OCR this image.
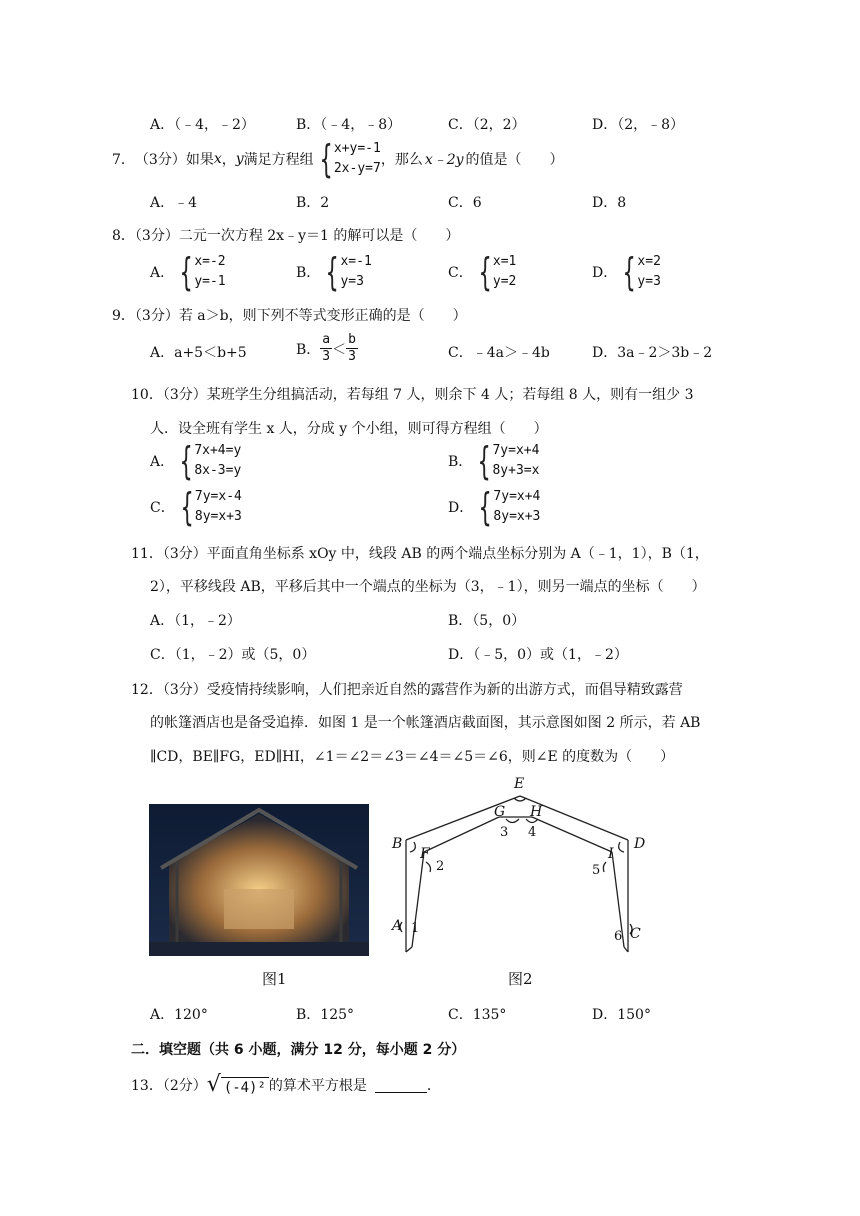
A．（﹣4，﹣2）	B．（﹣4，﹣8）	C．（2，2）	D．（2，﹣8）
7． （3分）如果 x ， y 满足方程组 { x+y=-1
2x-y=7
，那么 x﹣2y 的值是（　　）
A．﹣4	B．2	C．6	D．8
8．（3分）二元一次方程 2x﹣y＝1 的解可以是（　　）
A． { x=-2
y=-1
B． { x=-1
y=3
C． { x=1
y=2
D． { x=2
y=3
9．（3分）若 a＞b，则下列不等式变形正确的是（　　）
A．a+5＜b+5	B． $\frac{a}{3} < \frac{b}{3}$	C．﹣4a＞﹣4b	D．3a﹣2＞3b﹣2
10．（3分）某班学生分组搞活动，若每组 7 人，则余下 4 人；若每组 8 人，则有一组少 3
人．设全班有学生 x 人，分成 y 个小组，则可得方程组（　　）
A． { 7x+4=y
8x-3=y
B． { 7y=x+4
8y+3=x
C． { 7y=x-4
8y=x+3
D． { 7y=x+4
8y=x+3
11．（3分）平面直角坐标系 xOy 中，线段 AB 的两个端点坐标分别为 A（﹣1，1），B（1，
2），平移线段 AB，平移后其中一个端点的坐标为（3，﹣1），则另一端点的坐标（　　）
A．（1，﹣2）	B．（5，0）
C．（1，﹣2）或（5，0）	D．（﹣5，0）或（1，﹣2）
12．（3分）受疫情持续影响，人们把亲近自然的露营作为新的出游方式，而倡导精致露营
的帐篷酒店也是备受追捧．如图 1 是一个帐篷酒店截面图，其示意图如图 2 所示，若 AB
∥CD，BE∥FG，ED∥HI，∠1＝∠2＝∠3＝∠4＝∠5＝∠6，则∠E 的度数为（　　）
图1
E
G H
B
F
D
I
A	C
1
2
3 4
5
6
图2
A．120°	B．125°	C．135°	D．150°
二．填空题（共 6 小题，满分 12 分，每小题 2 分）
13．（2分） √ (-4)² 的算术平方根是	．
